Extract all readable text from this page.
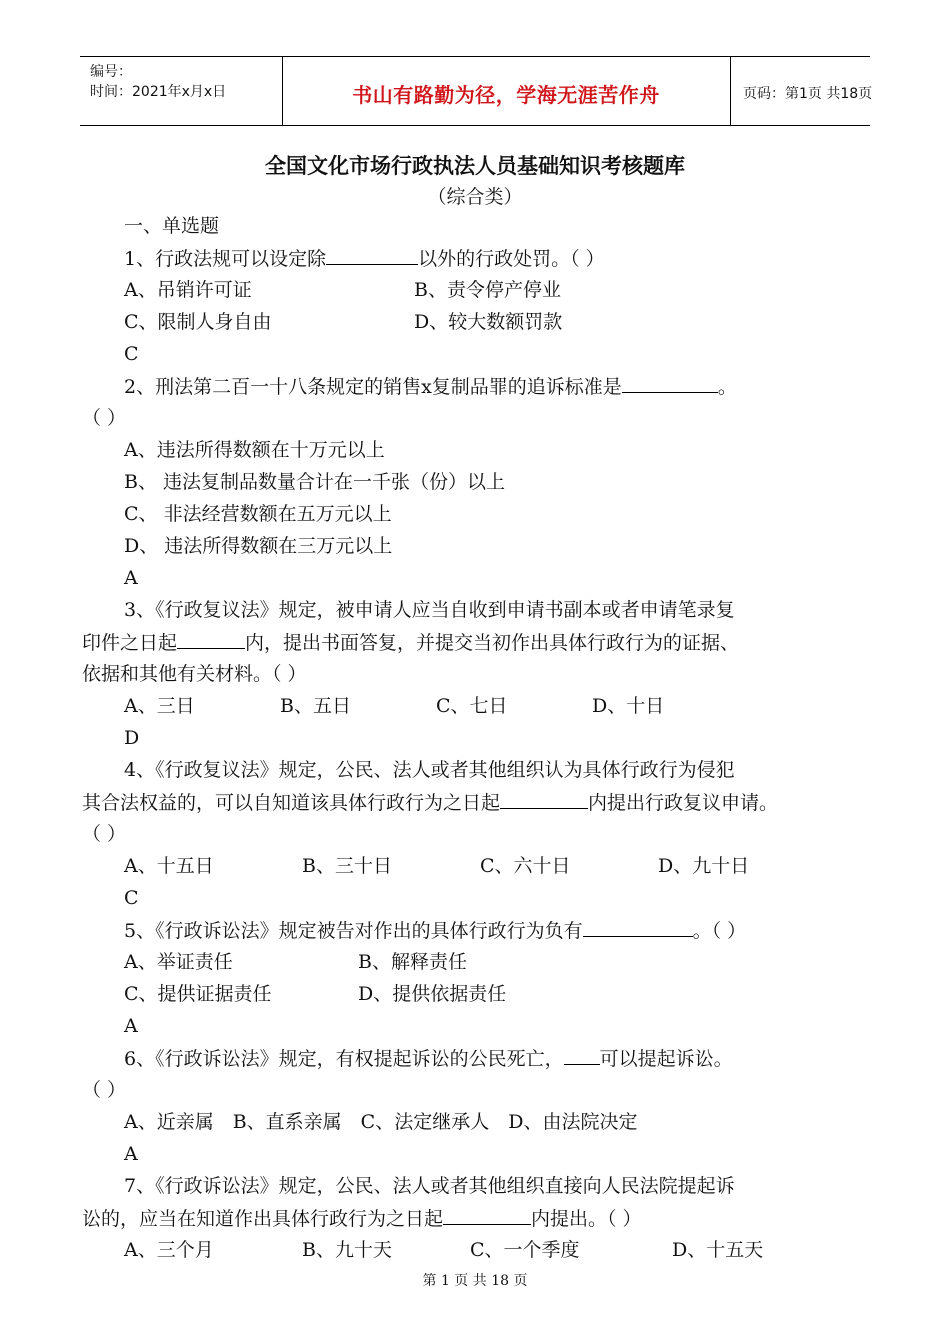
编号：
时间：2021年x月x日	书山有路勤为径，学海无涯苦作舟	页码：第1页 共18页
全国文化市场行政执法人员基础知识考核题库
（综合类）
一、单选题
1、行政法规可以设定除	以外的行政处罚。（ ）
A、吊销许可证	B、责令停产停业
C、限制人身自由	D、较大数额罚款
C
2、刑法第二百一十八条规定的销售x复制品罪的追诉标准是	。
（ ）
A、违法所得数额在十万元以上
B、 违法复制品数量合计在一千张（份）以上
C、 非法经营数额在五万元以上
D、 违法所得数额在三万元以上
A
3、《行政复议法》规定，被申请人应当自收到申请书副本或者申请笔录复
印件之日起	内，提出书面答复，并提交当初作出具体行政行为的证据、
依据和其他有关材料。（ ）
A、三日	B、五日	C、七日	D、十日
D
4、《行政复议法》规定，公民、法人或者其他组织认为具体行政行为侵犯
其合法权益的，可以自知道该具体行政行为之日起	内提出行政复议申请。
（ ）
A、十五日	B、三十日	C、六十日	D、九十日
C
5、《行政诉讼法》规定被告对作出的具体行政行为负有	。（ ）
A、举证责任	B、解释责任
C、提供证据责任	D、提供依据责任
A
6、《行政诉讼法》规定，有权提起诉讼的公民死亡， 可以提起诉讼。
（ ）
A、近亲属　B、直系亲属　C、法定继承人　D、由法院决定
A
7、《行政诉讼法》规定，公民、法人或者其他组织直接向人民法院提起诉
讼的，应当在知道作出具体行政行为之日起	内提出。（ ）
A、三个月	B、九十天	C、一个季度	D、十五天
第 1 页 共 18 页
